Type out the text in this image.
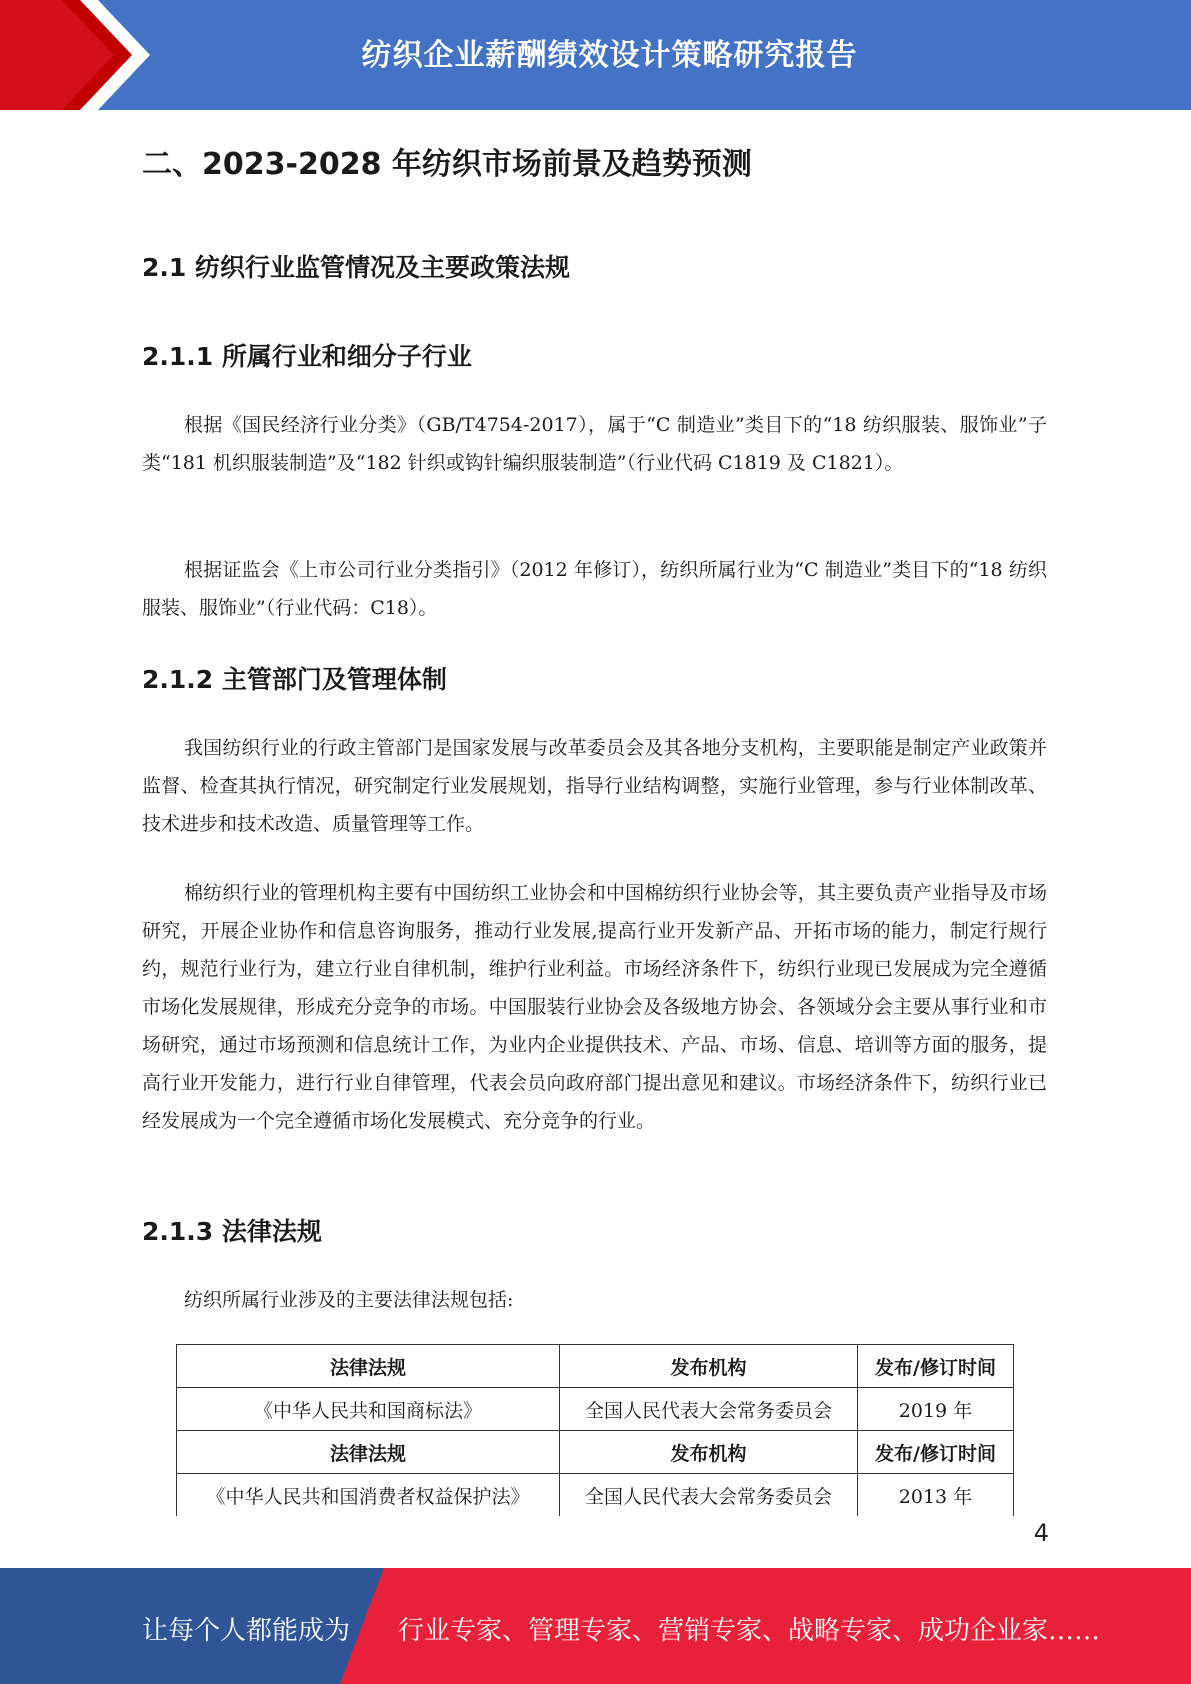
纺织企业薪酬绩效设计策略研究报告
二、2023-2028 年纺织市场前景及趋势预测
2.1 纺织行业监管情况及主要政策法规
2.1.1 所属行业和细分子行业

根据《国民经济行业分类》（GB/T4754-2017），属于“C 制造业”类目下的“18 纺织服装、服饰业”子类“181 机织服装制造”及“182 针织或钩针编织服装制造”（行业代码 C1819 及 C1821）。

根据证监会《上市公司行业分类指引》（2012 年修订），纺织所属行业为“C 制造业”类目下的“18 纺织服装、服饰业”（行业代码：C18）。

2.1.2 主管部门及管理体制

我国纺织行业的行政主管部门是国家发展与改革委员会及其各地分支机构，主要职能是制定产业政策并监督、检查其执行情况，研究制定行业发展规划，指导行业结构调整，实施行业管理，参与行业体制改革、技术进步和技术改造、质量管理等工作。

棉纺织行业的管理机构主要有中国纺织工业协会和中国棉纺织行业协会等，其主要负责产业指导及市场研究，开展企业协作和信息咨询服务，推动行业发展,提高行业开发新产品、开拓市场的能力，制定行规行约，规范行业行为，建立行业自律机制，维护行业利益。市场经济条件下，纺织行业现已发展成为完全遵循市场化发展规律，形成充分竞争的市场。中国服装行业协会及各级地方协会、各领域分会主要从事行业和市场研究，通过市场预测和信息统计工作，为业内企业提供技术、产品、市场、信息、培训等方面的服务，提高行业开发能力，进行行业自律管理，代表会员向政府部门提出意见和建议。市场经济条件下，纺织行业已经发展成为一个完全遵循市场化发展模式、充分竞争的行业。

2.1.3 法律法规

纺织所属行业涉及的主要法律法规包括:

法律法规	发布机构	发布/修订时间
《中华人民共和国商标法》	全国人民代表大会常务委员会	2019 年
法律法规	发布机构	发布/修订时间
《中华人民共和国消费者权益保护法》	全国人民代表大会常务委员会	2013 年
4
让每个人都能成为 行业专家、管理专家、营销专家、战略专家、成功企业家……
